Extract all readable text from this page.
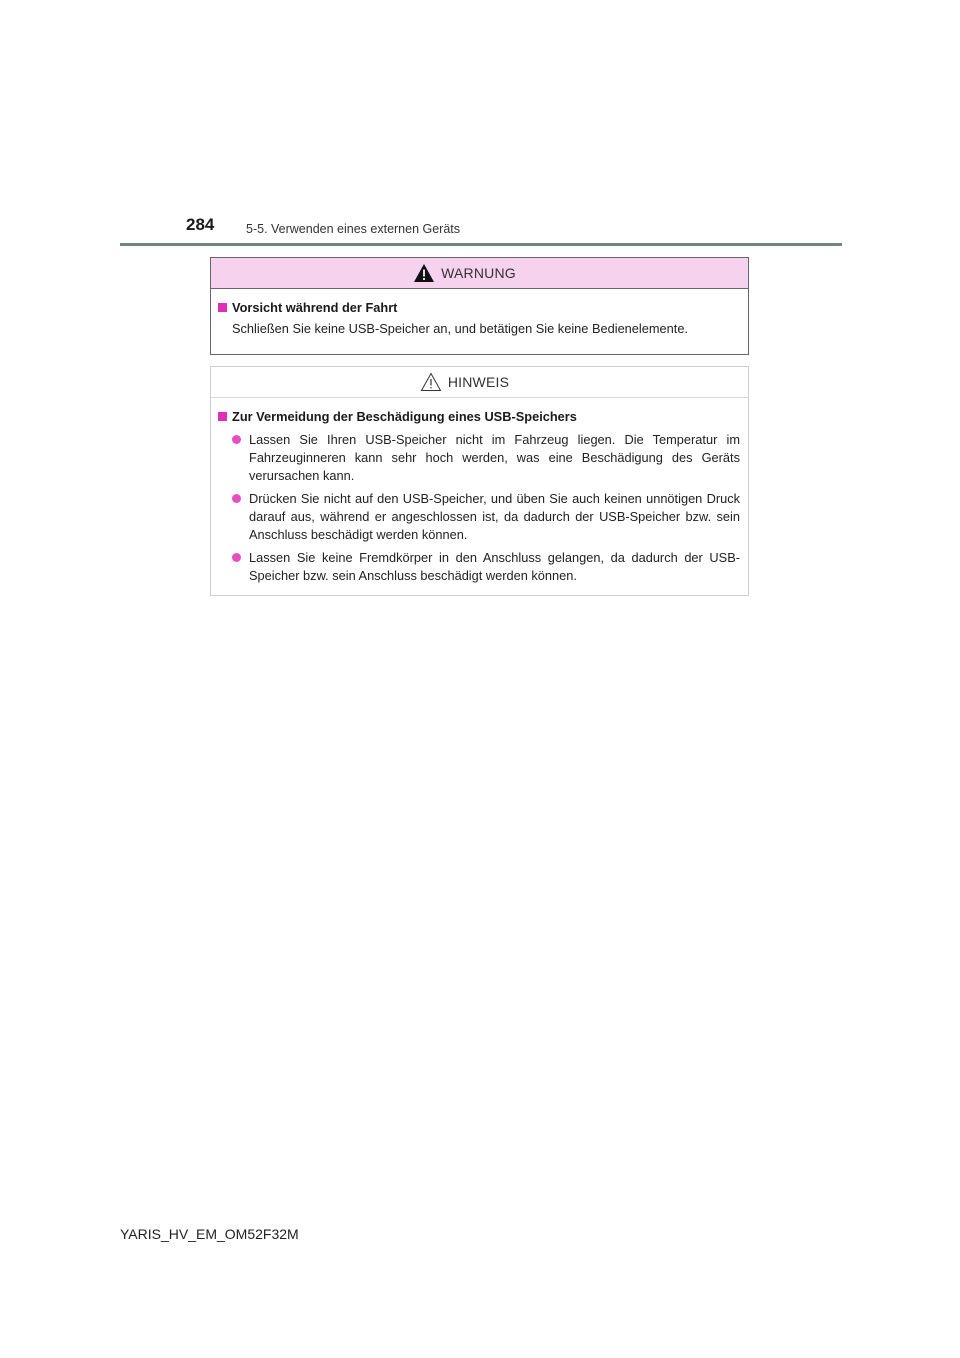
284	5-5. Verwenden eines externen Geräts
WARNUNG
Vorsicht während der Fahrt
Schließen Sie keine USB-Speicher an, und betätigen Sie keine Bedienelemente.
HINWEIS
Zur Vermeidung der Beschädigung eines USB-Speichers
Lassen Sie Ihren USB-Speicher nicht im Fahrzeug liegen. Die Temperatur im Fahrzeuginneren kann sehr hoch werden, was eine Beschädigung des Geräts verursachen kann.
Drücken Sie nicht auf den USB-Speicher, und üben Sie auch keinen unnötigen Druck darauf aus, während er angeschlossen ist, da dadurch der USB-Speicher bzw. sein Anschluss beschädigt werden können.
Lassen Sie keine Fremdkörper in den Anschluss gelangen, da dadurch der USB-Speicher bzw. sein Anschluss beschädigt werden können.
YARIS_HV_EM_OM52F32M
